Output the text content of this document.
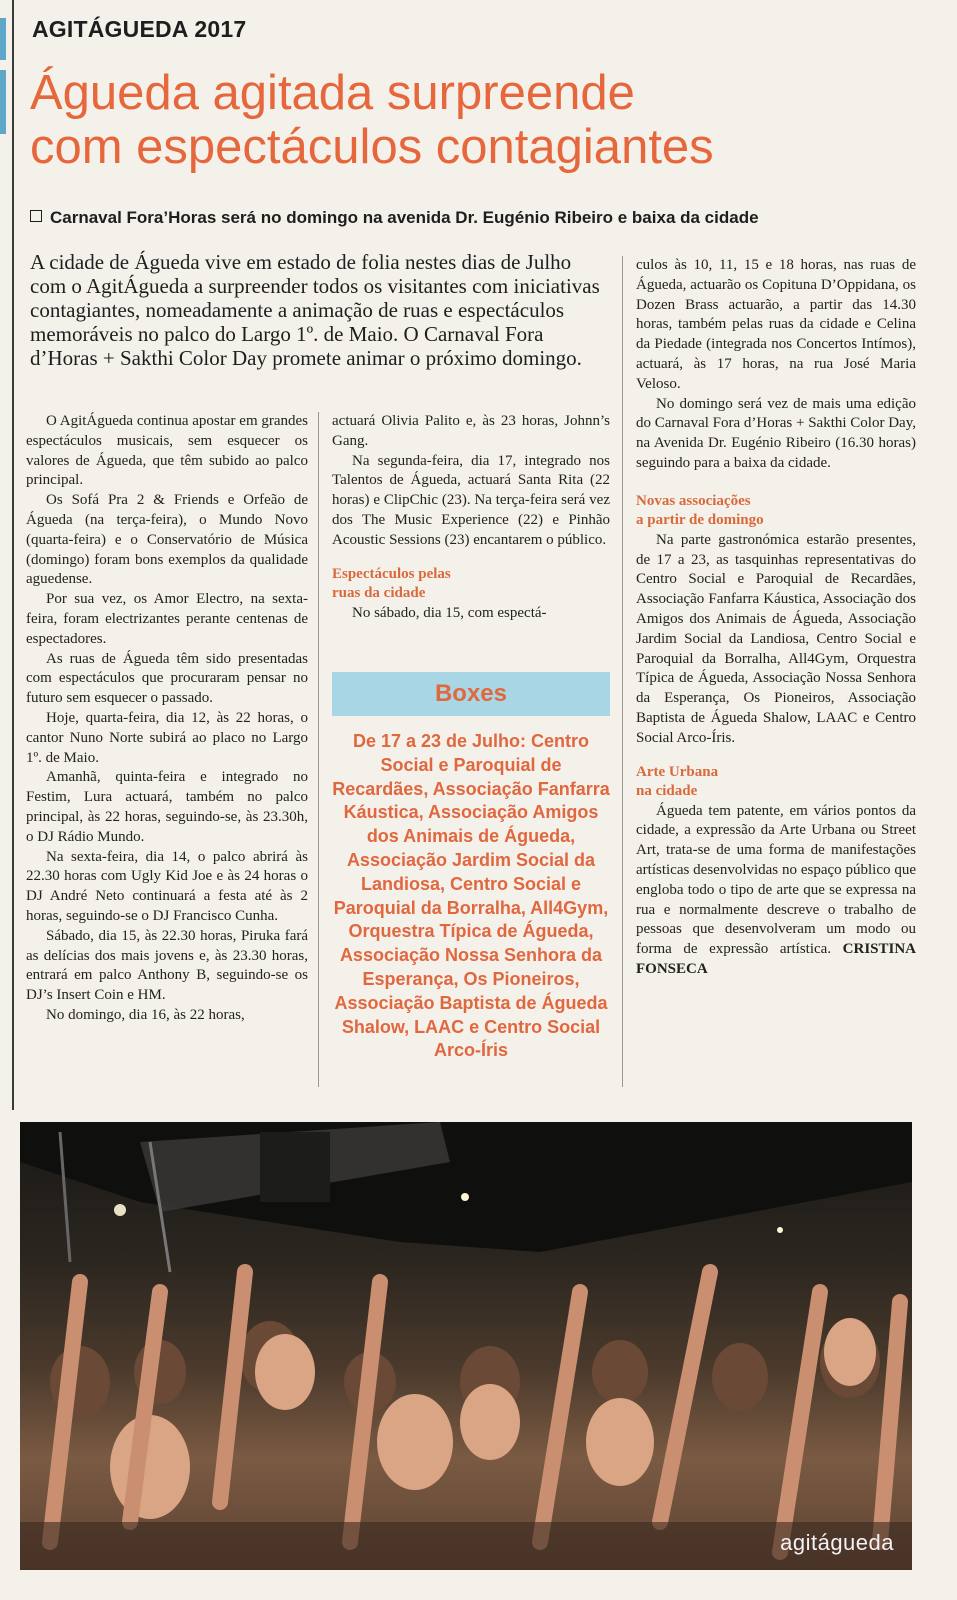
AGITÁGUEDA 2017
Águeda agitada surpreende
com espectáculos contagiantes
Carnaval Fora’Horas será no domingo na avenida Dr. Eugénio Ribeiro e baixa da cidade
A cidade de Águeda vive em estado de folia nestes dias de Julho com o AgitÁgueda a surpreender todos os visitantes com iniciativas contagiantes, nomeadamente a animação de ruas e espectáculos memoráveis no palco do Largo 1º. de Maio. O Carnaval Fora d’Horas + Sakthi Color Day promete animar o próximo domingo.

O AgitÁgueda continua apostar em grandes espectáculos musicais, sem esquecer os valores de Águeda, que têm subido ao palco principal.

Os Sofá Pra 2 & Friends e Orfeão de Águeda (na terça-feira), o Mundo Novo (quarta-feira) e o Conservatório de Música (domingo) foram bons exemplos da qualidade aguedense.

Por sua vez, os Amor Electro, na sexta-feira, foram electrizantes perante centenas de espectadores.

As ruas de Águeda têm sido presentadas com espectáculos que procuraram pensar no futuro sem esquecer o passado.

Hoje, quarta-feira, dia 12, às 22 horas, o cantor Nuno Norte subirá ao placo no Largo 1º. de Maio.

Amanhã, quinta-feira e integrado no Festim, Lura actuará, também no palco principal, às 22 horas, seguindo-se, às 23.30h, o DJ Rádio Mundo.

Na sexta-feira, dia 14, o palco abrirá às 22.30 horas com Ugly Kid Joe e às 24 horas o DJ André Neto continuará a festa até às 2 horas, seguindo-se o DJ Francisco Cunha.

Sábado, dia 15, às 22.30 horas, Piruka fará as delícias dos mais jovens e, às 23.30 horas, entrará em palco Anthony B, seguindo-se os DJ’s Insert Coin e HM.

No domingo, dia 16, às 22 horas,

actuará Olivia Palito e, às 23 horas, Johnn’s Gang.

Na segunda-feira, dia 17, integrado nos Talentos de Águeda, actuará Santa Rita (22 horas) e ClipChic (23). Na terça-feira será vez dos The Music Experience (22) e Pinhão Acoustic Sessions (23) encantarem o público.

Espectáculos pelas
ruas da cidade

No sábado, dia 15, com espectá-

Boxes
De 17 a 23 de Julho: Centro Social e Paroquial de Recardães, Associação Fanfarra Káustica, Associação Amigos dos Animais de Águeda, Associação Jardim Social da Landiosa, Centro Social e Paroquial da Borralha, All4Gym, Orquestra Típica de Águeda, Associação Nossa Senhora da Esperança, Os Pioneiros, Associação Baptista de Águeda Shalow, LAAC e Centro Social Arco-Íris

culos às 10, 11, 15 e 18 horas, nas ruas de Águeda, actuarão os Copituna D’Oppidana, os Dozen Brass actuarão, a partir das 14.30 horas, também pelas ruas da cidade e Celina da Piedade (integrada nos Concertos Intímos), actuará, às 17 horas, na rua José Maria Veloso.

No domingo será vez de mais uma edição do Carnaval Fora d’Horas + Sakthi Color Day, na Avenida Dr. Eugénio Ribeiro (16.30 horas) seguindo para a baixa da cidade.

Novas associações
a partir de domingo

Na parte gastronómica estarão presentes, de 17 a 23, as tasquinhas representativas do Centro Social e Paroquial de Recardães, Associação Fanfarra Káustica, Associação dos Amigos dos Animais de Águeda, Associação Jardim Social da Landiosa, Centro Social e Paroquial da Borralha, All4Gym, Orquestra Típica de Águeda, Associação Nossa Senhora da Esperança, Os Pioneiros, Associação Baptista de Águeda Shalow, LAAC e Centro Social Arco-Íris.

Arte Urbana
na cidade

Águeda tem patente, em vários pontos da cidade, a expressão da Arte Urbana ou Street Art, trata-se de uma forma de manifestações artísticas desenvolvidas no espaço público que engloba todo o tipo de arte que se expressa na rua e normalmente descreve o trabalho de pessoas que desenvolveram um modo ou forma de expressão artística. CRISTINA FONSECA

agitágueda
